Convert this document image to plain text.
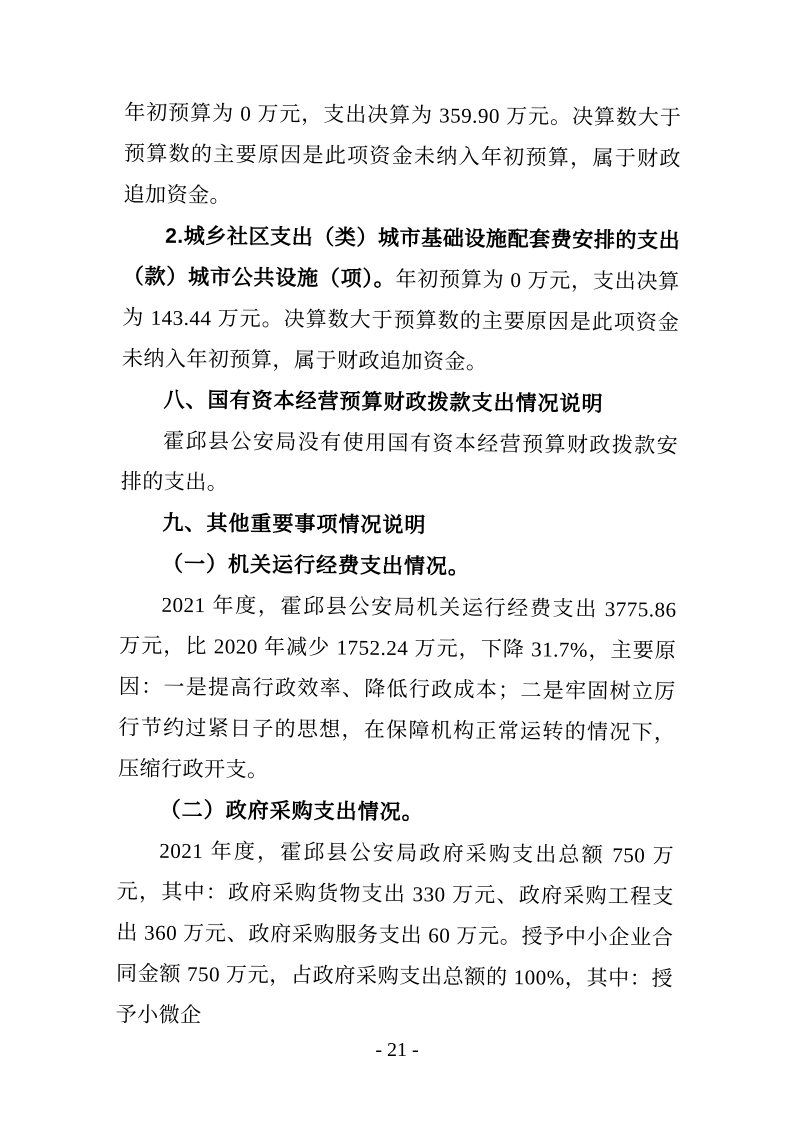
年初预算为 0 万元，支出决算为 359.90 万元。决算数大于预算数的主要原因是此项资金未纳入年初预算，属于财政追加资金。

2.城乡社区支出（类）城市基础设施配套费安排的支出（款）城市公共设施（项）。年初预算为 0 万元，支出决算为 143.44 万元。决算数大于预算数的主要原因是此项资金未纳入年初预算，属于财政追加资金。

八、国有资本经营预算财政拨款支出情况说明

霍邱县公安局没有使用国有资本经营预算财政拨款安排的支出。

九、其他重要事项情况说明

（一）机关运行经费支出情况。

2021 年度，霍邱县公安局机关运行经费支出 3775.86 万元，比 2020 年减少 1752.24 万元，下降 31.7%，主要原因：一是提高行政效率、降低行政成本；二是牢固树立厉行节约过紧日子的思想，在保障机构正常运转的情况下，压缩行政开支。

（二）政府采购支出情况。

2021 年度，霍邱县公安局政府采购支出总额 750 万元，其中：政府采购货物支出 330 万元、政府采购工程支出 360 万元、政府采购服务支出 60 万元。授予中小企业合同金额 750 万元，占政府采购支出总额的 100%，其中：授予小微企

- 21 -
